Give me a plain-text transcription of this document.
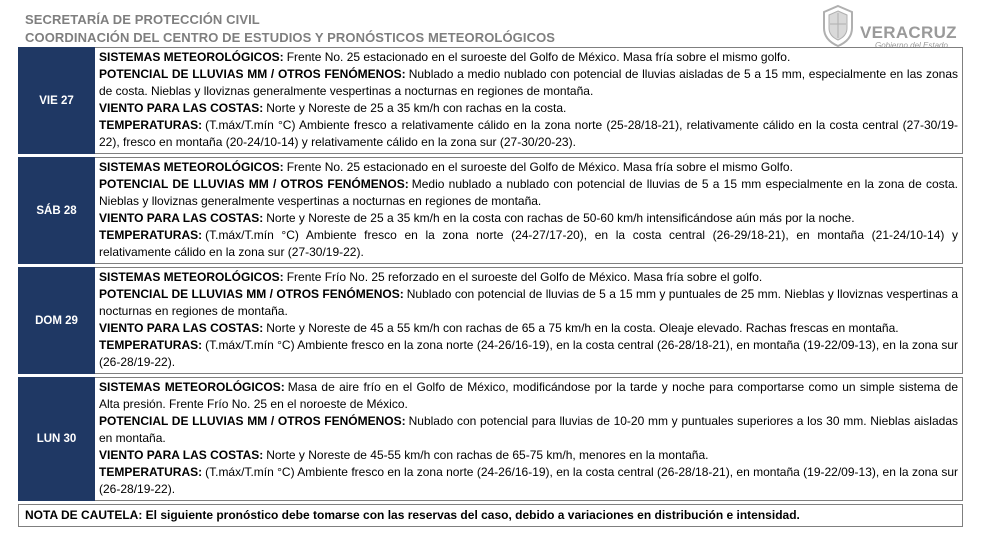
SECRETARÍA DE PROTECCIÓN CIVIL
COORDINACIÓN DEL CENTRO DE ESTUDIOS Y PRONÓSTICOS METEOROLÓGICOS	VERACRUZ
Gobierno del Estado
VIE 27

SISTEMAS METEOROLÓGICOS: Frente No. 25 estacionado en el suroeste del Golfo de México. Masa fría sobre el mismo golfo.

POTENCIAL DE LLUVIAS MM / OTROS FENÓMENOS: Nublado a medio nublado con potencial de lluvias aisladas de 5 a 15 mm, especialmente en las zonas de costa. Nieblas y lloviznas generalmente vespertinas a nocturnas en regiones de montaña.

VIENTO PARA LAS COSTAS: Norte y Noreste de 25 a 35 km/h con rachas en la costa.

TEMPERATURAS: (T.máx/T.mín °C) Ambiente fresco a relativamente cálido en la zona norte (25-28/18-21), relativamente cálido en la costa central (27-30/19-22), fresco en montaña (20-24/10-14) y relativamente cálido en la zona sur (27-30/20-23).

SÁB 28

SISTEMAS METEOROLÓGICOS: Frente No. 25 estacionado en el suroeste del Golfo de México. Masa fría sobre el mismo Golfo.

POTENCIAL DE LLUVIAS MM / OTROS FENÓMENOS: Medio nublado a nublado con potencial de lluvias de 5 a 15 mm especialmente en la zona de costa. Nieblas y lloviznas generalmente vespertinas a nocturnas en regiones de montaña.

VIENTO PARA LAS COSTAS: Norte y Noreste de 25 a 35 km/h en la costa con rachas de 50-60 km/h intensificándose aún más por la noche.

TEMPERATURAS: (T.máx/T.mín °C) Ambiente fresco en la zona norte (24-27/17-20), en la costa central (26-29/18-21), en montaña (21-24/10-14) y relativamente cálido en la zona sur (27-30/19-22).

DOM 29

SISTEMAS METEOROLÓGICOS: Frente Frío No. 25 reforzado en el suroeste del Golfo de México. Masa fría sobre el golfo.

POTENCIAL DE LLUVIAS MM / OTROS FENÓMENOS: Nublado con potencial de lluvias de 5 a 15 mm y puntuales de 25 mm. Nieblas y lloviznas vespertinas a nocturnas en regiones de montaña.

VIENTO PARA LAS COSTAS: Norte y Noreste de 45 a 55 km/h con rachas de 65 a 75 km/h en la costa. Oleaje elevado. Rachas frescas en montaña.

TEMPERATURAS: (T.máx/T.mín °C) Ambiente fresco en la zona norte (24-26/16-19), en la costa central (26-28/18-21), en montaña (19-22/09-13), en la zona sur (26-28/19-22).

LUN 30

SISTEMAS METEOROLÓGICOS: Masa de aire frío en el Golfo de México, modificándose por la tarde y noche para comportarse como un simple sistema de Alta presión. Frente Frío No. 25 en el noroeste de México.

POTENCIAL DE LLUVIAS MM / OTROS FENÓMENOS: Nublado con potencial para lluvias de 10-20 mm y puntuales superiores a los 30 mm. Nieblas aisladas en montaña.

VIENTO PARA LAS COSTAS: Norte y Noreste de 45-55 km/h con rachas de 65-75 km/h, menores en la montaña.

TEMPERATURAS: (T.máx/T.mín °C) Ambiente fresco en la zona norte (24-26/16-19), en la costa central (26-28/18-21), en montaña (19-22/09-13), en la zona sur (26-28/19-22).

NOTA DE CAUTELA: El siguiente pronóstico debe tomarse con las reservas del caso, debido a variaciones en distribución e intensidad.
